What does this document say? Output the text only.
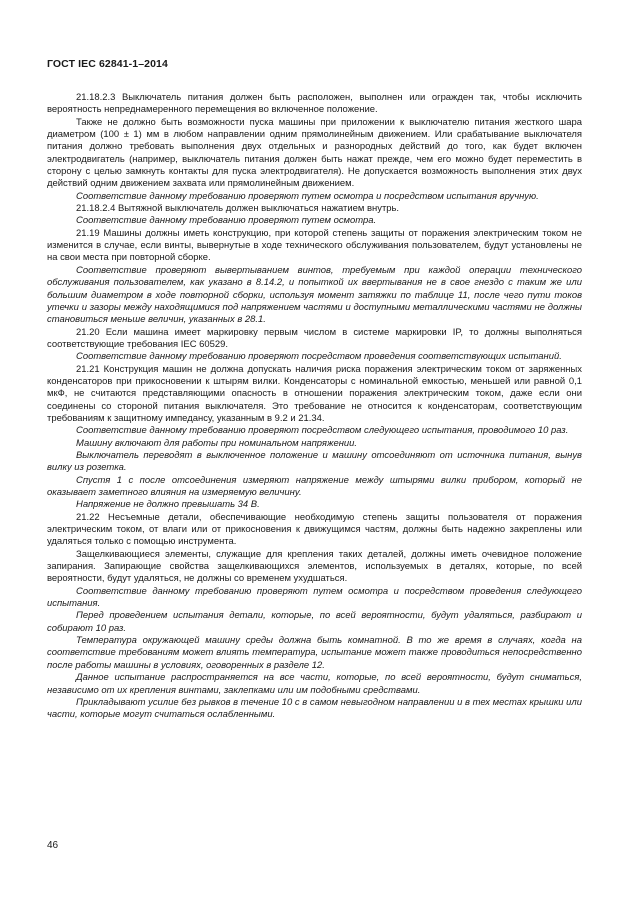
ГОСТ IEC 62841-1–2014

21.18.2.3 Выключатель питания должен быть расположен, выполнен или огражден так, чтобы исключить вероятность непреднамеренного перемещения во включенное положение.

Также не должно быть возможности пуска машины при приложении к выключателю питания жесткого шара диаметром (100 ± 1) мм в любом направлении одним прямолинейным движением. Или срабатывание выключателя питания должно требовать выполнения двух отдельных и разнородных действий до того, как будет включен электродвигатель (например, выключатель питания должен быть нажат прежде, чем его можно будет переместить в сторону с целью замкнуть контакты для пуска электродвигателя). Не допускается возможность выполнения этих двух действий одним движением захвата или прямолинейным движением.

Соответствие данному требованию проверяют путем осмотра и посредством испытания вручную.

21.18.2.4 Вытяжной выключатель должен выключаться нажатием внутрь.

Соответствие данному требованию проверяют путем осмотра.

21.19 Машины должны иметь конструкцию, при которой степень защиты от поражения электрическим током не изменится в случае, если винты, вывернутые в ходе технического обслуживания пользователем, будут установлены не на свои места при повторной сборке.

Соответствие проверяют вывертыванием винтов, требуемым при каждой операции технического обслуживания пользователем, как указано в 8.14.2, и попыткой их ввертывания не в свое гнездо с таким же или большим диаметром в ходе повторной сборки, используя момент затяжки по таблице 11, после чего пути токов утечки и зазоры между находящимися под напряжением частями и доступными металлическими частями не должны становиться меньше величин, указанных в 28.1.

21.20 Если машина имеет маркировку первым числом в системе маркировки IP, то должны выполняться соответствующие требования IEC 60529.

Соответствие данному требованию проверяют посредством проведения соответствующих испытаний.

21.21 Конструкция машин не должна допускать наличия риска поражения электрическим током от заряженных конденсаторов при прикосновении к штырям вилки. Конденсаторы с номинальной емкостью, меньшей или равной 0,1 мкФ, не считаются представляющими опасность в отношении поражения электрическим током, даже если они соединены со стороной питания выключателя. Это требование не относится к конденсаторам, соответствующим требованиям к защитному импедансу, указанным в 9.2 и 21.34.

Соответствие данному требованию проверяют посредством следующего испытания, проводимого 10 раз.

Машину включают для работы при номинальном напряжении.

Выключатель переводят в выключенное положение и машину отсоединяют от источника питания, вынув вилку из розетка.

Спустя 1 с после отсоединения измеряют напряжение между штырями вилки прибором, который не оказывает заметного влияния на измеряемую величину.

Напряжение не должно превышать 34 В.

21.22 Несъемные детали, обеспечивающие необходимую степень защиты пользователя от поражения электрическим током, от влаги или от прикосновения к движущимся частям, должны быть надежно закреплены или удаляться только с помощью инструмента.

Защелкивающиеся элементы, служащие для крепления таких деталей, должны иметь очевидное положение запирания. Запирающие свойства защелкивающихся элементов, используемых в деталях, которые, по всей вероятности, будут удаляться, не должны со временем ухудшаться.

Соответствие данному требованию проверяют путем осмотра и посредством проведения следующего испытания.

Перед проведением испытания детали, которые, по всей вероятности, будут удаляться, разбирают и собирают 10 раз.

Температура окружающей машину среды должна быть комнатной. В то же время в случаях, когда на соответствие требованиям может влиять температура, испытание может также проводиться непосредственно после работы машины в условиях, оговоренных в разделе 12.

Данное испытание распространяется на все части, которые, по всей вероятности, будут сниматься, независимо от их крепления винтами, заклепками или им подобными средствами.

Прикладывают усилие без рывков в течение 10 с в самом невыгодном направлении и в тех местах крышки или части, которые могут считаться ослабленными.

46
